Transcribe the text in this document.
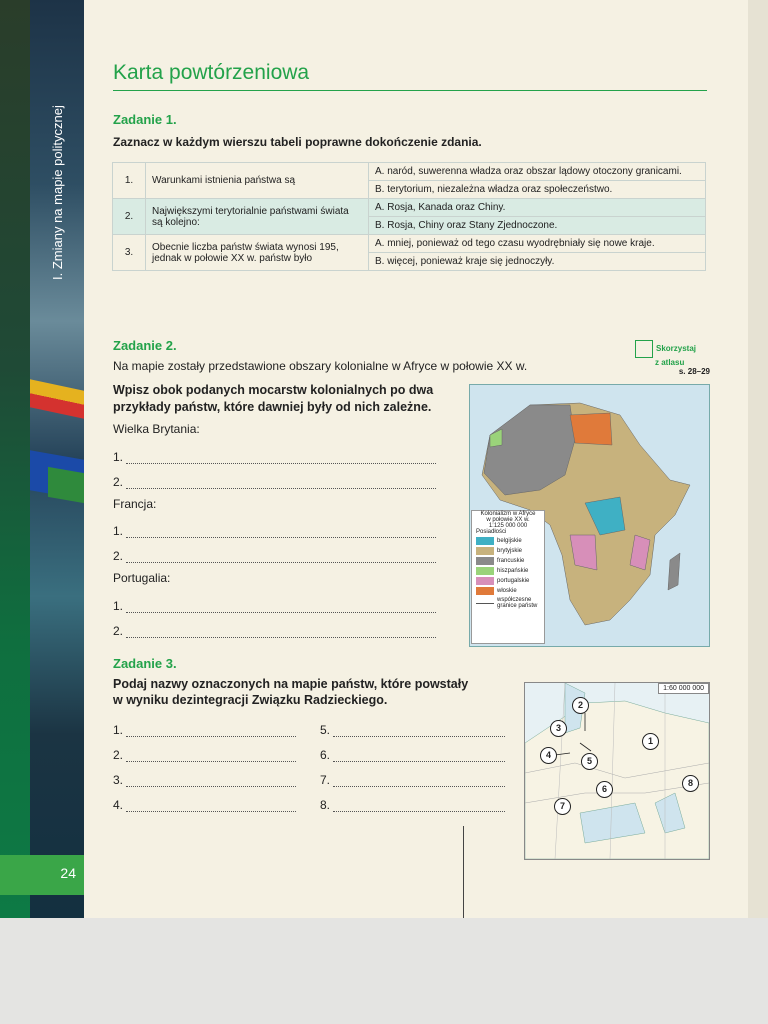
I. Zmiany na mapie politycznej
24
Karta powtórzeniowa
Zadanie 1.
Zaznacz w każdym wierszu tabeli poprawne dokończenie zdania.
1.	Warunkami istnienia państwa są	A. naród, suwerenna władza oraz obszar lądowy otoczony granicami.
		B. terytorium, niezależna władza oraz społeczeństwo.
2.	Największymi terytorialnie państwami świata są kolejno:	A. Rosja, Kanada oraz Chiny.
		B. Rosja, Chiny oraz Stany Zjednoczone.
3.	Obecnie liczba państw świata wynosi 195, jednak w połowie XX w. państw było	A. mniej, ponieważ od tego czasu wyodrębniały się nowe kraje.
		B. więcej, ponieważ kraje się jednoczyły.
Zadanie 2.
Na mapie zostały przedstawione obszary kolonialne w Afryce w połowie XX w.
Skorzystaj
z atlasu
s. 28–29
Wpisz obok podanych mocarstw kolonialnych po dwa
przykłady państw, które dawniej były od nich zależne.
Wielka Brytania:
1.
2.
Francja:
1.
2.
Portugalia:
1.
2.
Kolonializm w Afryce
w połowie XX w.
1:125 000 000
Posiadłości
belgijskie
brytyjskie
francuskie
hiszpańskie
portugalskie
włoskie
współczesne
granice państw
Zadanie 3.
Podaj nazwy oznaczonych na mapie państw, które powstały
w wyniku dezintegracji Związku Radzieckiego.
1.
2.
3.
4.
5.
6.
7.
8.
1:60 000 000
1
2
3
4
5
6
7
8
